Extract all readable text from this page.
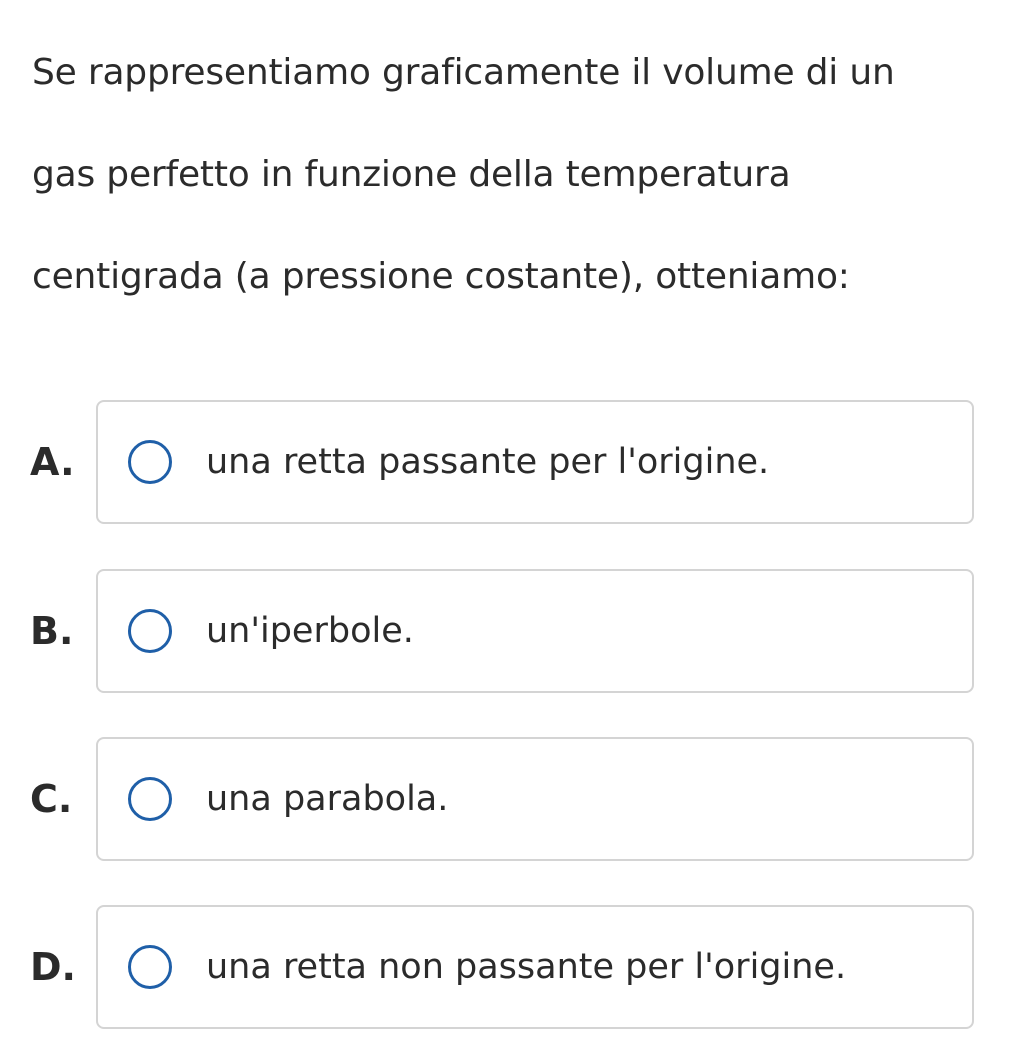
Se rappresentiamo graficamente il volume di un
gas perfetto in funzione della temperatura
centigrada (a pressione costante), otteniamo:

A.	una retta passante per l'origine.
B.	un'iperbole.
C.	una parabola.
D.	una retta non passante per l'origine.
